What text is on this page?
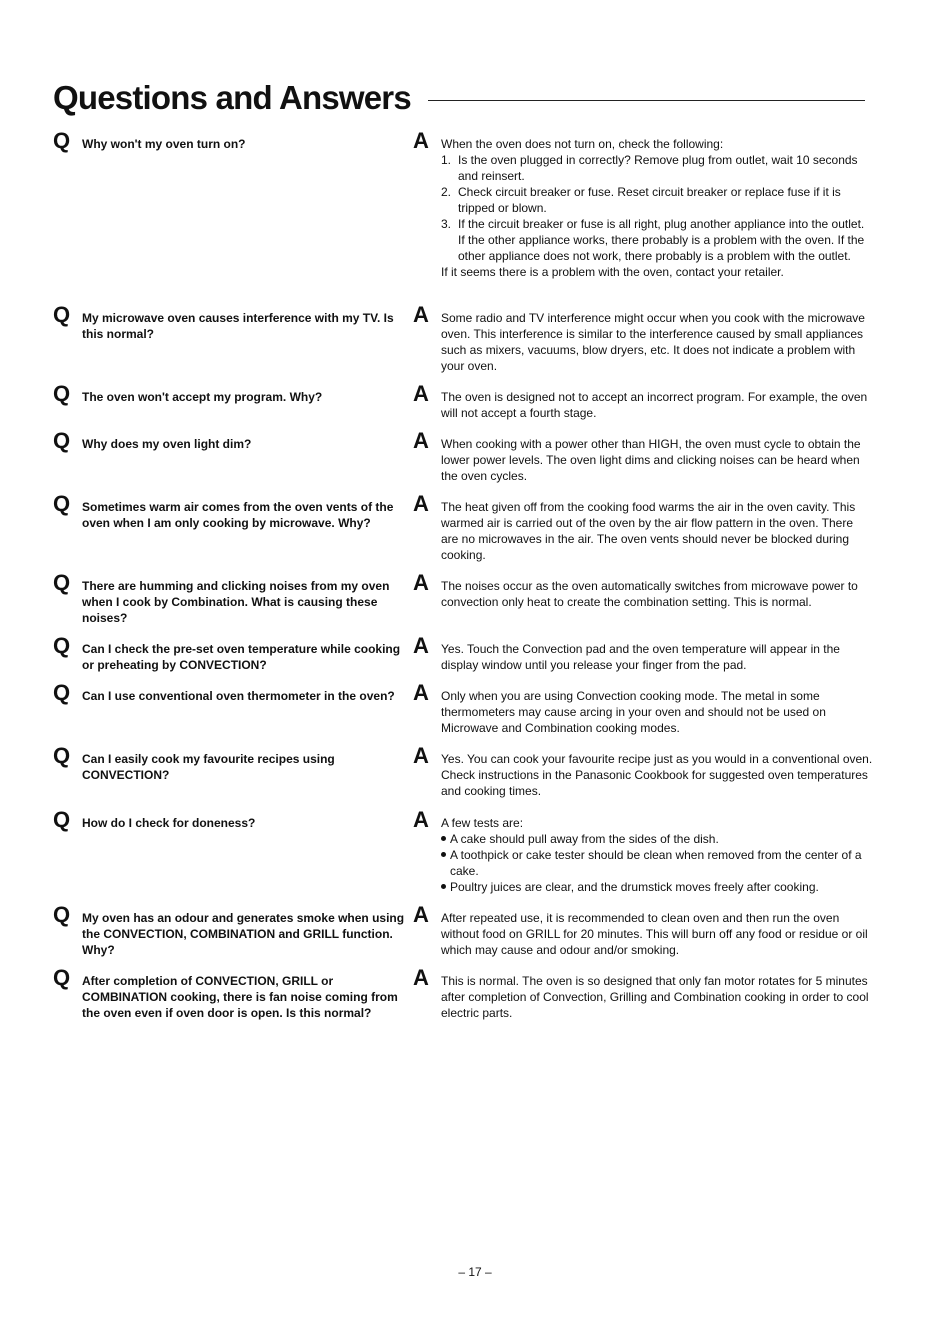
Questions and Answers
Q Why won't my oven turn on?	A When the oven does not turn on, check the following:

1. Is the oven plugged in correctly? Remove plug from outlet, wait 10 seconds and reinsert.
2. Check circuit breaker or fuse. Reset circuit breaker or replace fuse if it is tripped or blown.
3. If the circuit breaker or fuse is all right, plug another appliance into the outlet. If the other appliance works, there probably is a problem with the oven. If the other appliance does not work, there probably is a problem with the outlet.

If it seems there is a problem with the oven, contact your retailer.

Q My microwave oven causes interference with my TV. Is this normal?
A Some radio and TV interference might occur when you cook with the microwave oven. This interference is similar to the interference caused by small appliances such as mixers, vacuums, blow dryers, etc. It does not indicate a problem with your oven.
Q The oven won't accept my program. Why?	A The oven is designed not to accept an incorrect program. For example, the oven will not accept a fourth stage.
Q Why does my oven light dim?	A When cooking with a power other than HIGH, the oven must cycle to obtain the lower power levels. The oven light dims and clicking noises can be heard when the oven cycles.
Q Sometimes warm air comes from the oven vents of the oven when I am only cooking by microwave. Why?
A The heat given off from the cooking food warms the air in the oven cavity. This warmed air is carried out of the oven by the air flow pattern in the oven. There are no microwaves in the air. The oven vents should never be blocked during cooking.
Q There are humming and clicking noises from my oven when I cook by Combination. What is causing these noises?
A The noises occur as the oven automatically switches from microwave power to convection only heat to create the combination setting. This is normal.
Q Can I check the pre-set oven temperature while cooking or preheating by CONVECTION?
A Yes. Touch the Convection pad and the oven temperature will appear in the display window until you release your finger from the pad.
Q Can I use conventional oven thermometer in the oven? A Only when you are using Convection cooking mode. The metal in some thermometers may cause arcing in your oven and should not be used on Microwave and Combination cooking modes.
Q Can I easily cook my favourite recipes using CONVECTION?
A Yes. You can cook your favourite recipe just as you would in a conventional oven. Check instructions in the Panasonic Cookbook for suggested oven temperatures and cooking times.
Q How do I check for doneness?	A A few tests are:

A cake should pull away from the sides of the dish.
A toothpick or cake tester should be clean when removed from the center of a cake.
Poultry juices are clear, and the drumstick moves freely after cooking.
Q My oven has an odour and generates smoke when using the CONVECTION, COMBINATION and GRILL function. Why?
A After repeated use, it is recommended to clean oven and then run the oven without food on GRILL for 20 minutes. This will burn off any food or residue or oil which may cause and odour and/or smoking.
Q After completion of CONVECTION, GRILL or COMBINATION cooking, there is fan noise coming from the oven even if oven door is open. Is this normal?
A This is normal. The oven is so designed that only fan motor rotates for 5 minutes after completion of Convection, Grilling and Combination cooking in order to cool electric parts.
– 17 –
